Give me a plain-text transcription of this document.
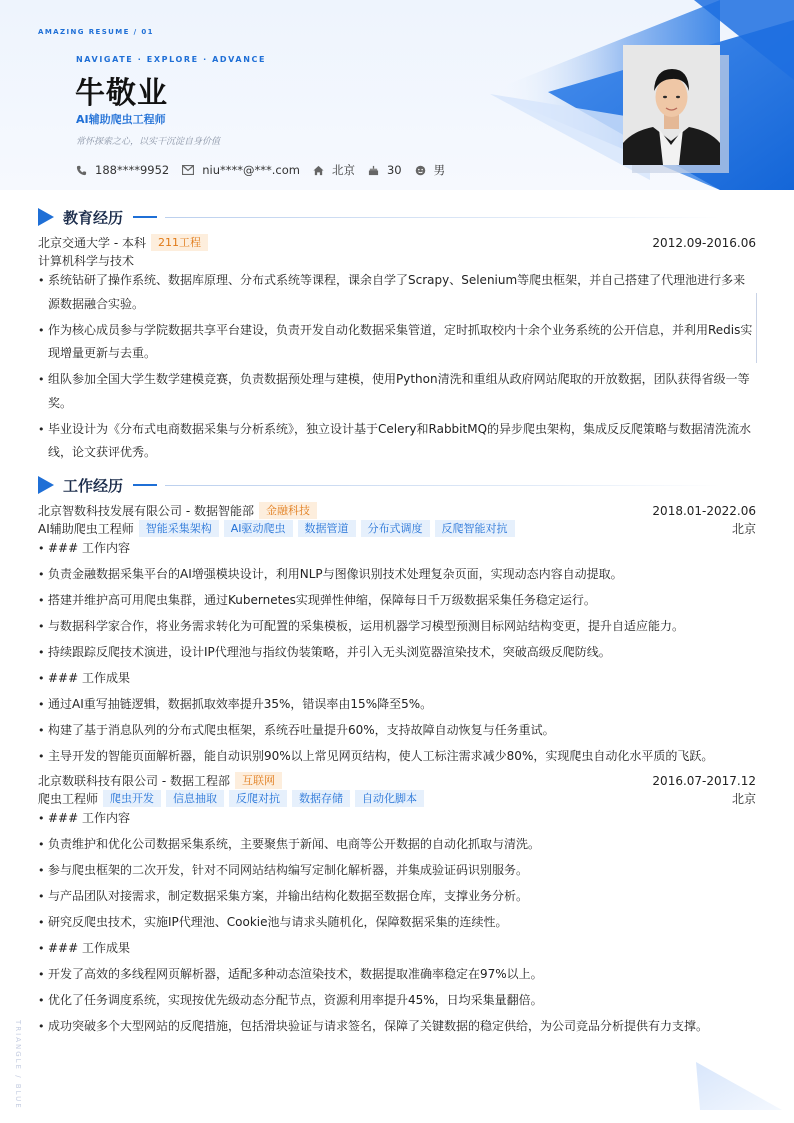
AMAZING RESUME / 01
NAVIGATE · EXPLORE · ADVANCE
牛敬业
AI辅助爬虫工程师
常怀探索之心，以实干沉淀自身价值
188****9952	niu****@***.com	北京	30	男
教育经历
北京交通大学 - 本科	211工程	2012.09-2016.06
计算机科学与技术
• 系统钻研了操作系统、数据库原理、分布式系统等课程，课余自学了Scrapy、Selenium等爬虫框架，并自己搭建了代理池进行多来源数据融合实验。
• 作为核心成员参与学院数据共享平台建设，负责开发自动化数据采集管道，定时抓取校内十余个业务系统的公开信息，并利用Redis实现增量更新与去重。
• 组队参加全国大学生数学建模竞赛，负责数据预处理与建模，使用Python清洗和重组从政府网站爬取的开放数据，团队获得省级一等奖。
• 毕业设计为《分布式电商数据采集与分析系统》，独立设计基于Celery和RabbitMQ的异步爬虫架构，集成反反爬策略与数据清洗流水线，论文获评优秀。
工作经历
北京智数科技发展有限公司 - 数据智能部	金融科技	2018.01-2022.06
AI辅助爬虫工程师	智能采集架构	AI驱动爬虫	数据管道	分布式调度	反爬智能对抗	北京
• ### 工作内容
• 负责金融数据采集平台的AI增强模块设计，利用NLP与图像识别技术处理复杂页面，实现动态内容自动提取。
• 搭建并维护高可用爬虫集群，通过Kubernetes实现弹性伸缩，保障每日千万级数据采集任务稳定运行。
• 与数据科学家合作，将业务需求转化为可配置的采集模板，运用机器学习模型预测目标网站结构变更，提升自适应能力。
• 持续跟踪反爬技术演进，设计IP代理池与指纹伪装策略，并引入无头浏览器渲染技术，突破高级反爬防线。
• ### 工作成果
• 通过AI重写抽链逻辑，数据抓取效率提升35%，错误率由15%降至5%。
• 构建了基于消息队列的分布式爬虫框架，系统吞吐量提升60%，支持故障自动恢复与任务重试。
• 主导开发的智能页面解析器，能自动识别90%以上常见网页结构，使人工标注需求减少80%，实现爬虫自动化水平质的飞跃。
北京数联科技有限公司 - 数据工程部	互联网	2016.07-2017.12
爬虫工程师	爬虫开发	信息抽取	反爬对抗	数据存储	自动化脚本	北京
• ### 工作内容
• 负责维护和优化公司数据采集系统，主要聚焦于新闻、电商等公开数据的自动化抓取与清洗。
• 参与爬虫框架的二次开发，针对不同网站结构编写定制化解析器，并集成验证码识别服务。
• 与产品团队对接需求，制定数据采集方案，并输出结构化数据至数据仓库，支撑业务分析。
• 研究反爬虫技术，实施IP代理池、Cookie池与请求头随机化，保障数据采集的连续性。
• ### 工作成果
• 开发了高效的多线程网页解析器，适配多种动态渲染技术，数据提取准确率稳定在97%以上。
• 优化了任务调度系统，实现按优先级动态分配节点，资源利用率提升45%，日均采集量翻倍。
• 成功突破多个大型网站的反爬措施，包括滑块验证与请求签名，保障了关键数据的稳定供给，为公司竞品分析提供有力支撑。
TRIANGLE / BLUE
